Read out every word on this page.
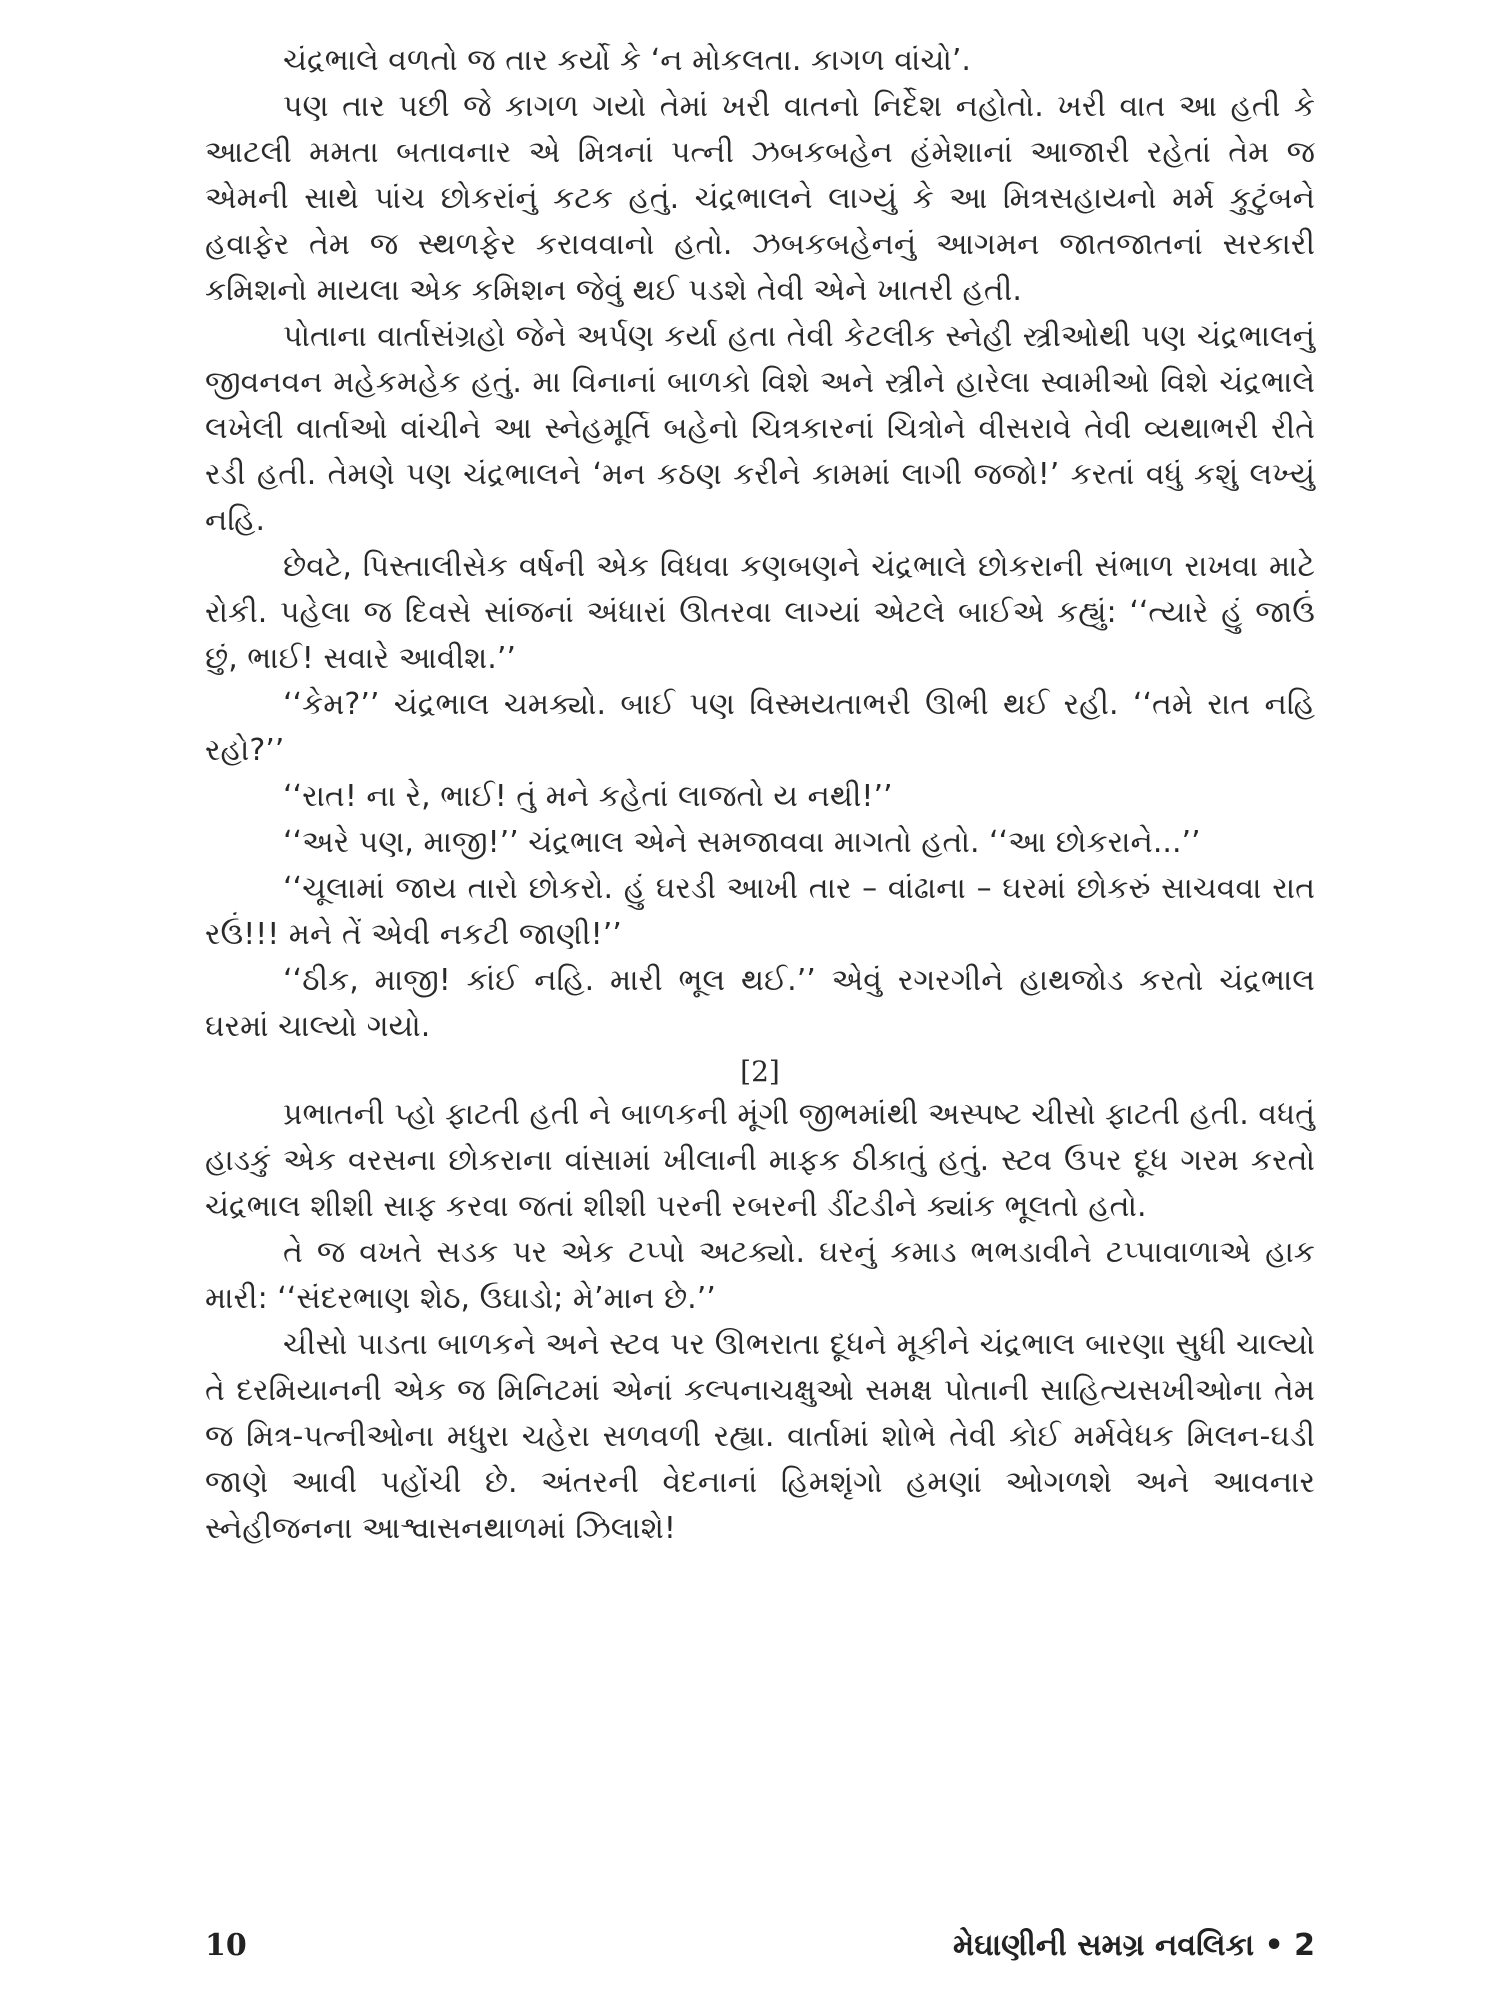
ચંદ્રભાલે વળતો જ તાર કર્યો કે ‘ન મોકલતા. કાગળ વાંચો’.

પણ તાર પછી જે કાગળ ગયો તેમાં ખરી વાતનો નિર્દેશ નહોતો. ખરી વાત આ હતી કે આટલી મમતા બતાવનાર એ મિત્રનાં પત્ની ઝબકબહેન હંમેશાનાં આજારી રહેતાં તેમ જ એમની સાથે પાંચ છોકરાંનું કટક હતું. ચંદ્રભાલને લાગ્યું કે આ મિત્રસહાયનો મર્મ કુટુંબને હવાફેર તેમ જ સ્થળફેર કરાવવાનો હતો. ઝબકબહેનનું આગમન જાતજાતનાં સરકારી કમિશનો માયલા એક કમિશન જેવું થઈ પડશે તેવી એને ખાતરી હતી.

પોતાના વાર્તાસંગ્રહો જેને અર્પણ કર્યા હતા તેવી કેટલીક સ્નેહી સ્ત્રીઓથી પણ ચંદ્રભાલનું જીવનવન મહેકમહેક હતું. મા વિનાનાં બાળકો વિશે અને સ્ત્રીને હારેલા સ્વામીઓ વિશે ચંદ્રભાલે લખેલી વાર્તાઓ વાંચીને આ સ્નેહમૂર્તિ બહેનો ચિત્રકારનાં ચિત્રોને વીસરાવે તેવી વ્યથાભરી રીતે રડી હતી. તેમણે પણ ચંદ્રભાલને ‘મન કઠણ કરીને કામમાં લાગી જજો!’ કરતાં વધું કશું લખ્યું નહિ.

છેવટે, પિસ્તાલીસેક વર્ષની એક વિધવા કણબણને ચંદ્રભાલે છોકરાની સંભાળ રાખવા માટે રોકી. પહેલા જ દિવસે સાંજનાં અંધારાં ઊતરવા લાગ્યાં એટલે બાઈએ કહ્યું: ‘‘ત્યારે હું જાઉં છું, ભાઈ! સવારે આવીશ.’’

‘‘કેમ?’’ ચંદ્રભાલ ચમક્યો. બાઈ પણ વિસ્મયતાભરી ઊભી થઈ રહી. ‘‘તમે રાત નહિ રહો?’’

‘‘રાત! ના રે, ભાઈ! તું મને કહેતાં લાજતો ય નથી!’’

‘‘અરે પણ, માજી!’’ ચંદ્રભાલ એને સમજાવવા માગતો હતો. ‘‘આ છોકરાને...’’

‘‘ચૂલામાં જાય તારો છોકરો. હું ઘરડી આખી તાર – વાંઢાના – ઘરમાં છોકરું સાચવવા રાત રઉં!!! મને તેં એવી નકટી જાણી!’’

‘‘ઠીક, માજી! કાંઈ નહિ. મારી ભૂલ થઈ.’’ એવું રગરગીને હાથજોડ કરતો ચંદ્રભાલ ઘરમાં ચાલ્યો ગયો.

[2]

પ્રભાતની પ્હો ફાટતી હતી ને બાળકની મૂંગી જીભમાંથી અસ્પષ્ટ ચીસો ફાટતી હતી. વધતું હાડકું એક વરસના છોકરાના વાંસામાં ખીલાની માફક ઠીકાતું હતું. સ્ટવ ઉપર દૂધ ગરમ કરતો ચંદ્રભાલ શીશી સાફ કરવા જતાં શીશી પરની રબરની ડીંટડીને ક્યાંક ભૂલતો હતો.

તે જ વખતે સડક પર એક ટપ્પો અટક્યો. ઘરનું કમાડ ભભડાવીને ટપ્પાવાળાએ હાક મારી: ‘‘સંદરભાણ શેઠ, ઉઘાડો; મે’માન છે.’’

ચીસો પાડતા બાળકને અને સ્ટવ પર ઊભરાતા દૂધને મૂકીને ચંદ્રભાલ બારણા સુધી ચાલ્યો તે દરમિયાનની એક જ મિનિટમાં એનાં કલ્પનાચક્ષુઓ સમક્ષ પોતાની સાહિત્યસખીઓના તેમ જ મિત્ર-પત્નીઓના મધુરા ચહેરા સળવળી રહ્યા. વાર્તામાં શોભે તેવી કોઈ મર્મવેધક મિલન-ઘડી જાણે આવી પહોંચી છે. અંતરની વેદનાનાં હિમશૃંગો હમણાં ઓગળશે અને આવનાર સ્નેહીજનના આશ્વાસનથાળમાં ઝિલાશે!

10	મેઘાણીની સમગ્ર નવલિકા • 2
